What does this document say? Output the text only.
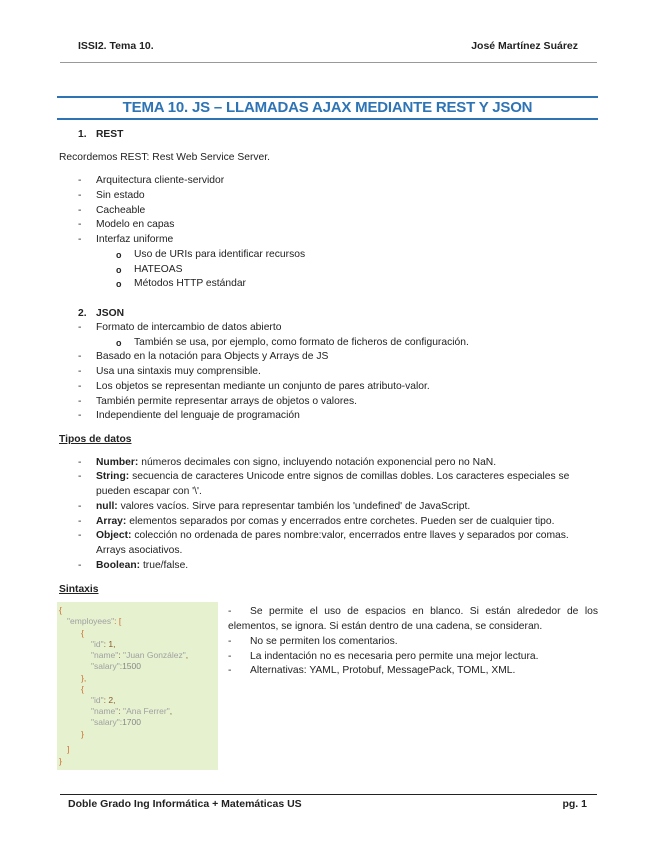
ISSI2. Tema 10.	José Martínez Suárez
TEMA 10. JS – LLAMADAS AJAX MEDIANTE REST Y JSON
1. REST
Recordemos REST: Rest Web Service Server.
- Arquitectura cliente-servidor
- Sin estado
- Cacheable
- Modelo en capas
- Interfaz uniforme
o Uso de URIs para identificar recursos
o HATEOAS
o Métodos HTTP estándar
2. JSON
- Formato de intercambio de datos abierto
o También se usa, por ejemplo, como formato de ficheros de configuración.
- Basado en la notación para Objects y Arrays de JS
- Usa una sintaxis muy comprensible.
- Los objetos se representan mediante un conjunto de pares atributo-valor.
- También permite representar arrays de objetos o valores.
- Independiente del lenguaje de programación
Tipos de datos
- Number: números decimales con signo, incluyendo notación exponencial pero no NaN.
- String: secuencia de caracteres Unicode entre signos de comillas dobles. Los caracteres especiales se
pueden escapar con '\'.
- null: valores vacíos. Sirve para representar también los 'undefined' de JavaScript.
- Array: elementos separados por comas y encerrados entre corchetes. Pueden ser de cualquier tipo.
- Object: colección no ordenada de pares nombre:valor, encerrados entre llaves y separados por comas.
Arrays asociativos.
- Boolean: true/false.
Sintaxis
{
"employees": [
{
"id": 1,
"name": "Juan González",
"salary":1500
},
{
"id": 2,
"name": "Ana Ferrer",
"salary":1700
}
]
}
- Se permite el uso de espacios en blanco. Si están alrededor de los
elementos, se ignora. Si están dentro de una cadena, se consideran.
- No se permiten los comentarios.
- La indentación no es necesaria pero permite una mejor lectura.
- Alternativas: YAML, Protobuf, MessagePack, TOML, XML.
Doble Grado Ing Informática + Matemáticas US	pg. 1
